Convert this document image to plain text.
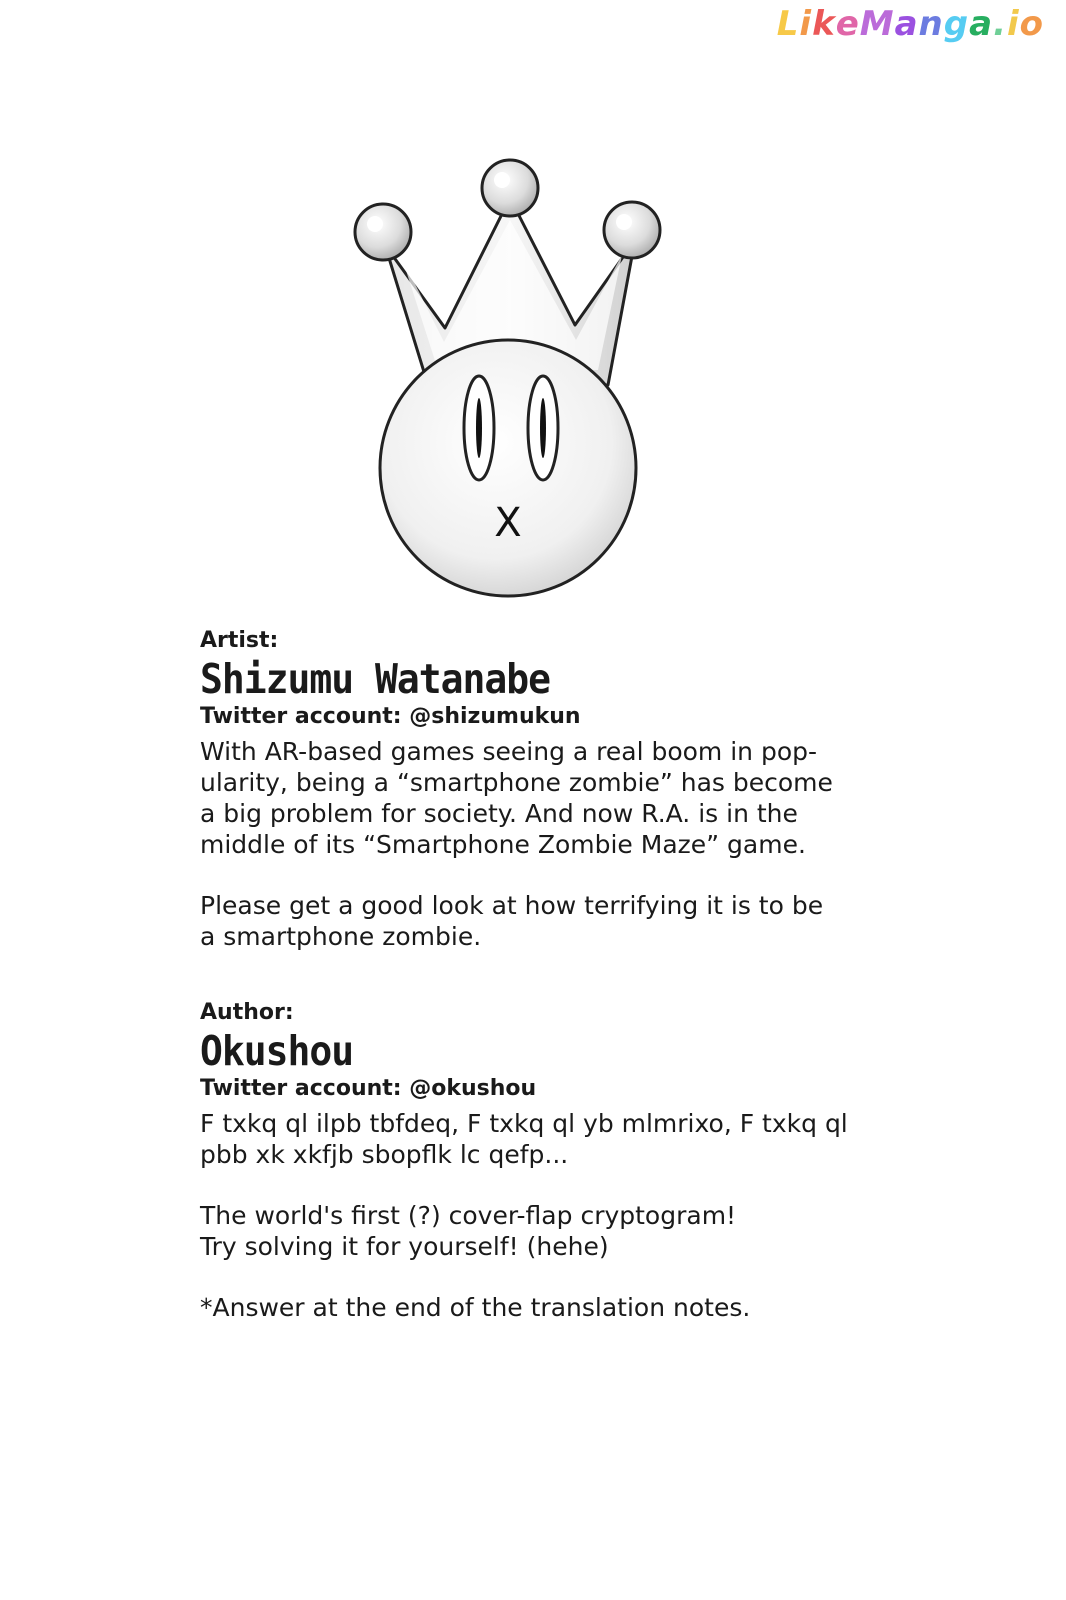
LikeManga.io
X

Artist:

Shizumu Watanabe

Twitter account: @shizumukun

With AR-based games seeing a real boom in pop-
ularity, being a “smartphone zombie” has become
a big problem for society. And now R.A. is in the
middle of its “Smartphone Zombie Maze” game.

Please get a good look at how terrifying it is to be
a smartphone zombie.

Author:

Okushou

Twitter account: @okushou

F txkq ql ilpb tbfdeq, F txkq ql yb mlmrixo, F txkq ql
pbb xk xkfjb sbopflk lc qefp...

The world's first (?) cover-flap cryptogram!
Try solving it for yourself! (hehe)

*Answer at the end of the translation notes.
